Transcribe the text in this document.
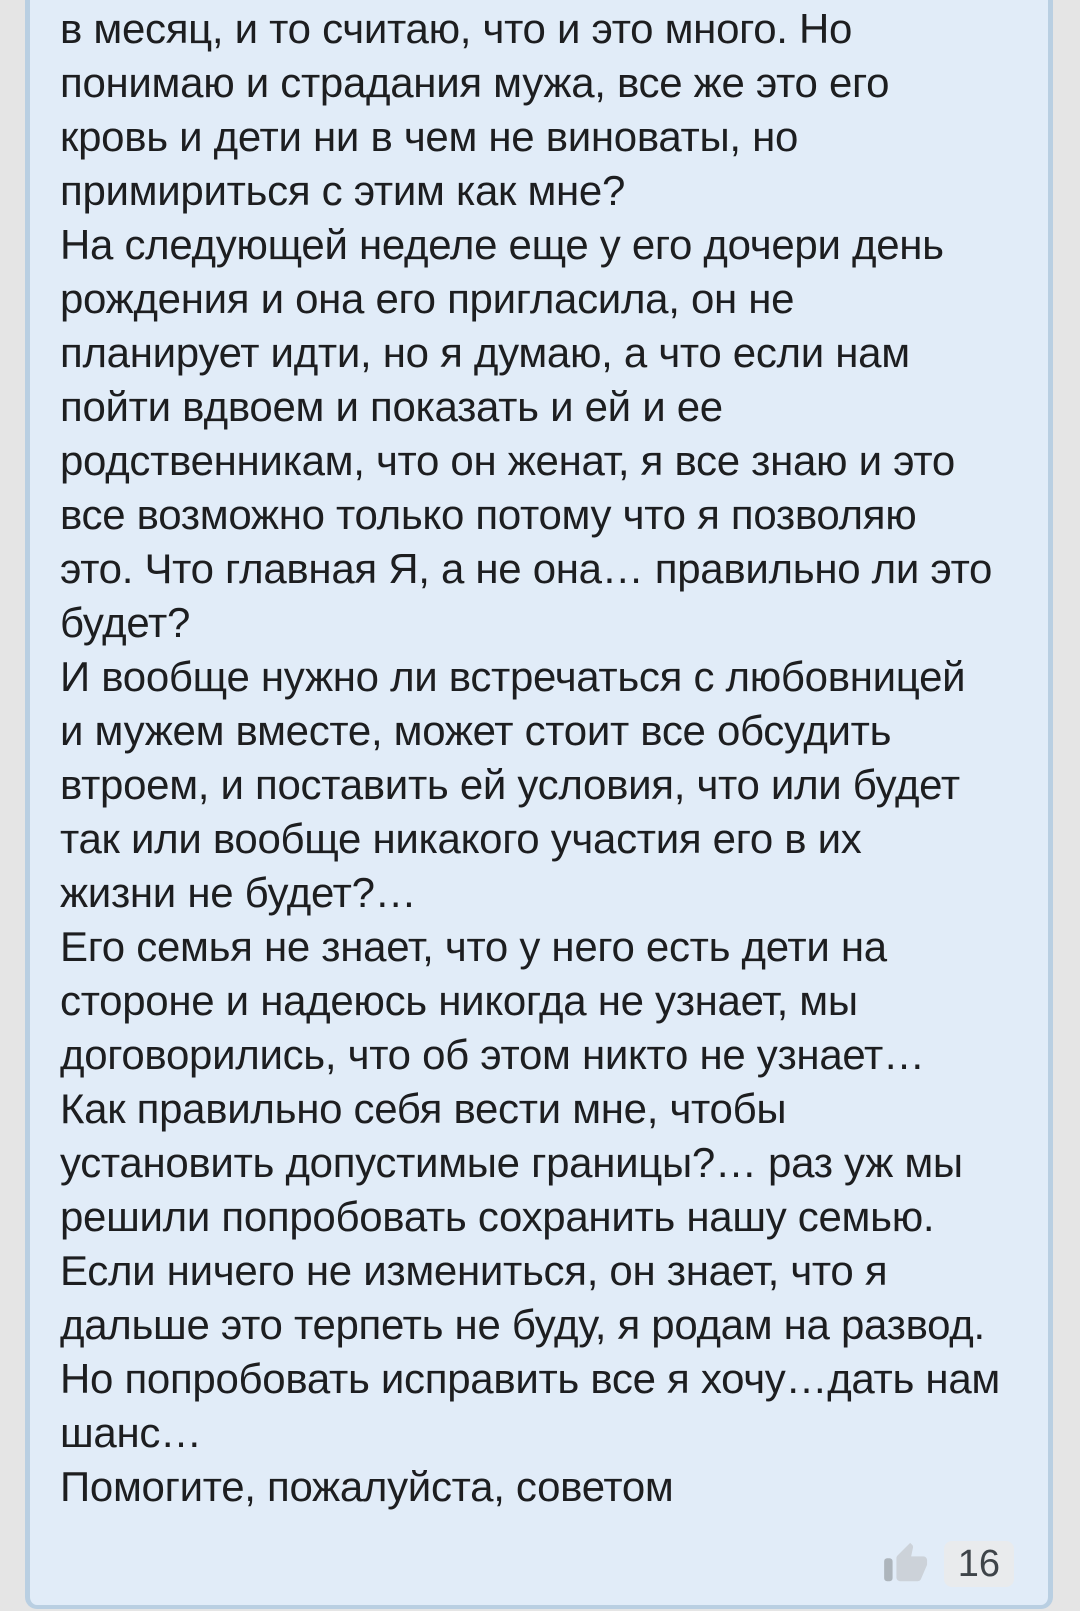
в месяц, и то считаю, что и это много. Но
понимаю и страдания мужа, все же это его
кровь и дети ни в чем не виноваты, но
примириться с этим как мне?
На следующей неделе еще у его дочери день
рождения и она его пригласила, он не
планирует идти, но я думаю, а что если нам
пойти вдвоем и показать и ей и ее
родственникам, что он женат, я все знаю и это
все возможно только потому что я позволяю
это. Что главная Я, а не она… правильно ли это
будет?
И вообще нужно ли встречаться с любовницей
и мужем вместе, может стоит все обсудить
втроем, и поставить ей условия, что или будет
так или вообще никакого участия его в их
жизни не будет?…
Его семья не знает, что у него есть дети на
стороне и надеюсь никогда не узнает, мы
договорились, что об этом никто не узнает…
Как правильно себя вести мне, чтобы
установить допустимые границы?… раз уж мы
решили попробовать сохранить нашу семью.
Если ничего не измениться, он знает, что я
дальше это терпеть не буду, я родам на развод.
Но попробовать исправить все я хочу…дать нам
шанс…
Помогите, пожалуйста, советом
16
